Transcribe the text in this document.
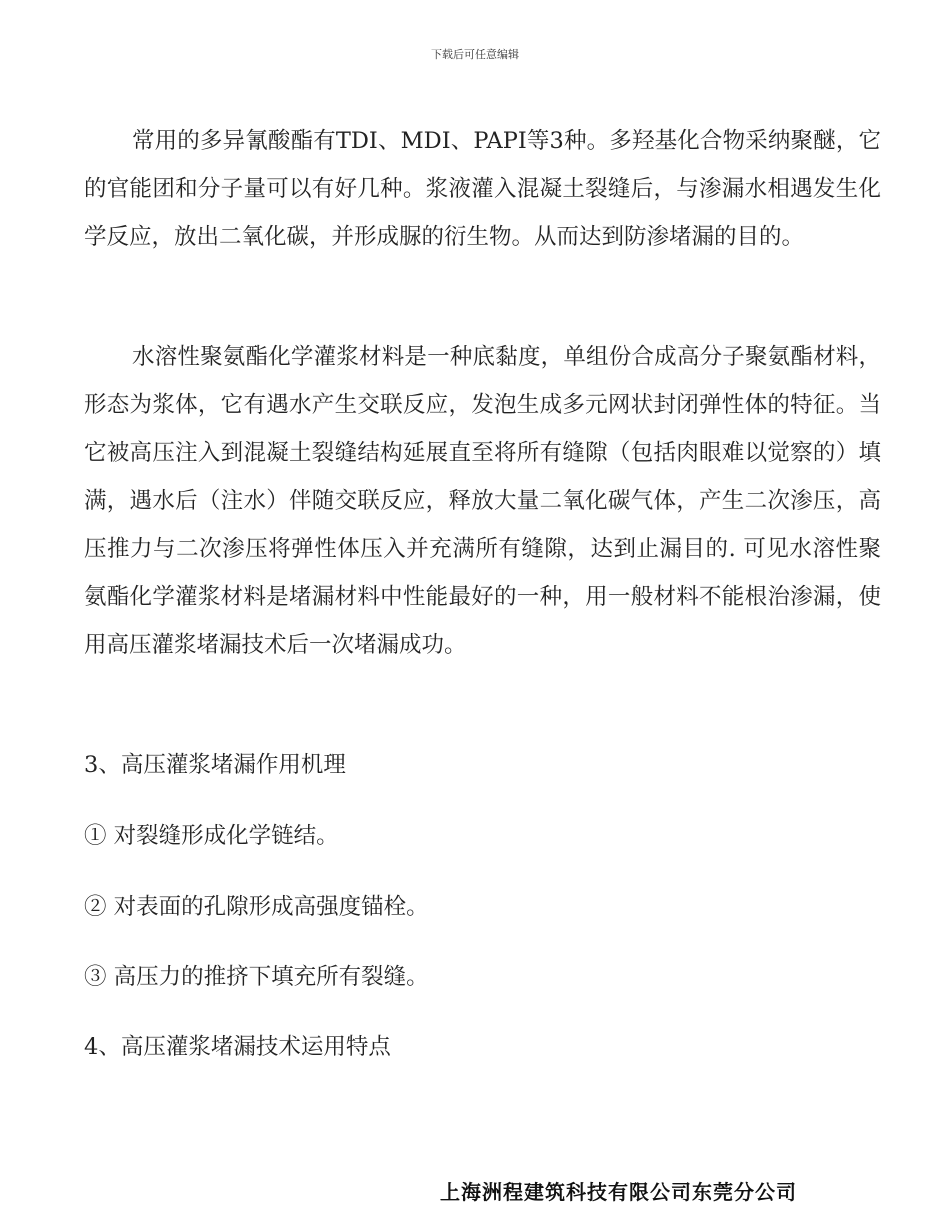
下载后可任意编辑

常用的多异氰酸酯有TDI、MDI、PAPI等3种。多羟基化合物采纳聚醚，它的官能团和分子量可以有好几种。浆液灌入混凝土裂缝后，与渗漏水相遇发生化学反应，放出二氧化碳，并形成脲的衍生物。从而达到防渗堵漏的目的。

水溶性聚氨酯化学灌浆材料是一种底黏度，单组份合成高分子聚氨酯材料，形态为浆体，它有遇水产生交联反应，发泡生成多元网状封闭弹性体的特征。当它被高压注入到混凝土裂缝结构延展直至将所有缝隙（包括肉眼难以觉察的）填满，遇水后（注水）伴随交联反应，释放大量二氧化碳气体，产生二次渗压，高压推力与二次渗压将弹性体压入并充满所有缝隙，达到止漏目的. 可见水溶性聚氨酯化学灌浆材料是堵漏材料中性能最好的一种，用一般材料不能根治渗漏，使用高压灌浆堵漏技术后一次堵漏成功。

3、高压灌浆堵漏作用机理

① 对裂缝形成化学链结。

② 对表面的孔隙形成高强度锚栓。

③ 高压力的推挤下填充所有裂缝。

4、高压灌浆堵漏技术运用特点

上海洲程建筑科技有限公司东莞分公司
